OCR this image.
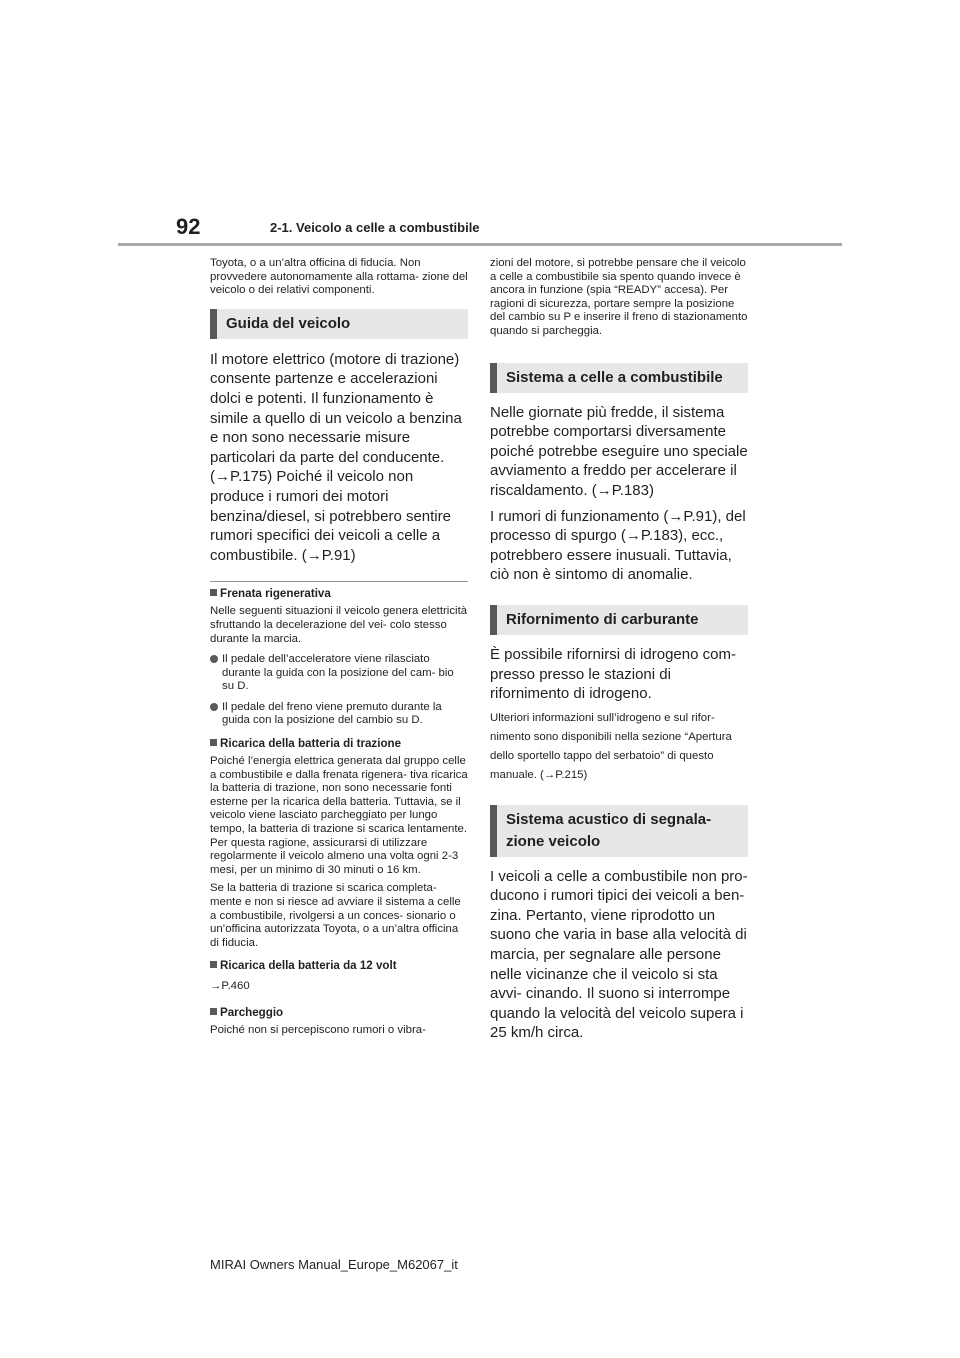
92	2-1. Veicolo a celle a combustibile

Toyota, o a un’altra officina di fiducia. Non provvedere autonomamente alla rottama- zione del veicolo o dei relativi componenti.

Guida del veicolo

Il motore elettrico (motore di trazione) consente partenze e accelerazioni dolci e potenti. Il funzionamento è simile a quello di un veicolo a benzina e non sono necessarie misure particolari da parte del conducente. (→P.175) Poiché il veicolo non produce i rumori dei motori benzina/diesel, si potrebbero sentire rumori specifici dei veicoli a celle a combustibile. (→P.91)

Frenata rigenerativa

Nelle seguenti situazioni il veicolo genera elettricità sfruttando la decelerazione del vei- colo stesso durante la marcia.

Il pedale dell’acceleratore viene rilasciato durante la guida con la posizione del cam- bio su D.
Il pedale del freno viene premuto durante la guida con la posizione del cambio su D.
Ricarica della batteria di trazione

Poiché l’energia elettrica generata dal gruppo celle a combustibile e dalla frenata rigenera- tiva ricarica la batteria di trazione, non sono necessarie fonti esterne per la ricarica della batteria. Tuttavia, se il veicolo viene lasciato parcheggiato per lungo tempo, la batteria di trazione si scarica lentamente. Per questa ragione, assicurarsi di utilizzare regolarmente il veicolo almeno una volta ogni 2-3 mesi, per un minimo di 30 minuti o 16 km.

Se la batteria di trazione si scarica completa- mente e non si riesce ad avviare il sistema a celle a combustibile, rivolgersi a un conces- sionario o un’officina autorizzata Toyota, o a un’altra officina di fiducia.

Ricarica della batteria da 12 volt

→P.460

Parcheggio

Poiché non si percepiscono rumori o vibra-

zioni del motore, si potrebbe pensare che il veicolo a celle a combustibile sia spento quando invece è ancora in funzione (spia “READY” accesa). Per ragioni di sicurezza, portare sempre la posizione del cambio su P e inserire il freno di stazionamento quando si parcheggia.

Sistema a celle a combustibile

Nelle giornate più fredde, il sistema potrebbe comportarsi diversamente poiché potrebbe eseguire uno speciale avviamento a freddo per accelerare il riscaldamento. (→P.183)

I rumori di funzionamento (→P.91), del processo di spurgo (→P.183), ecc., potrebbero essere inusuali. Tuttavia, ciò non è sintomo di anomalie.

Rifornimento di carburante

È possibile rifornirsi di idrogeno com- presso presso le stazioni di rifornimento di idrogeno.

Ulteriori informazioni sull’idrogeno e sul rifor- nimento sono disponibili nella sezione “Apertura dello sportello tappo del serbatoio” di questo manuale. (→P.215)

Sistema acustico di segnala- zione veicolo

I veicoli a celle a combustibile non pro- ducono i rumori tipici dei veicoli a ben- zina. Pertanto, viene riprodotto un suono che varia in base alla velocità di marcia, per segnalare alle persone nelle vicinanze che il veicolo si sta avvi- cinando. Il suono si interrompe quando la velocità del veicolo supera i 25 km/h circa.

MIRAI Owners Manual_Europe_M62067_it
